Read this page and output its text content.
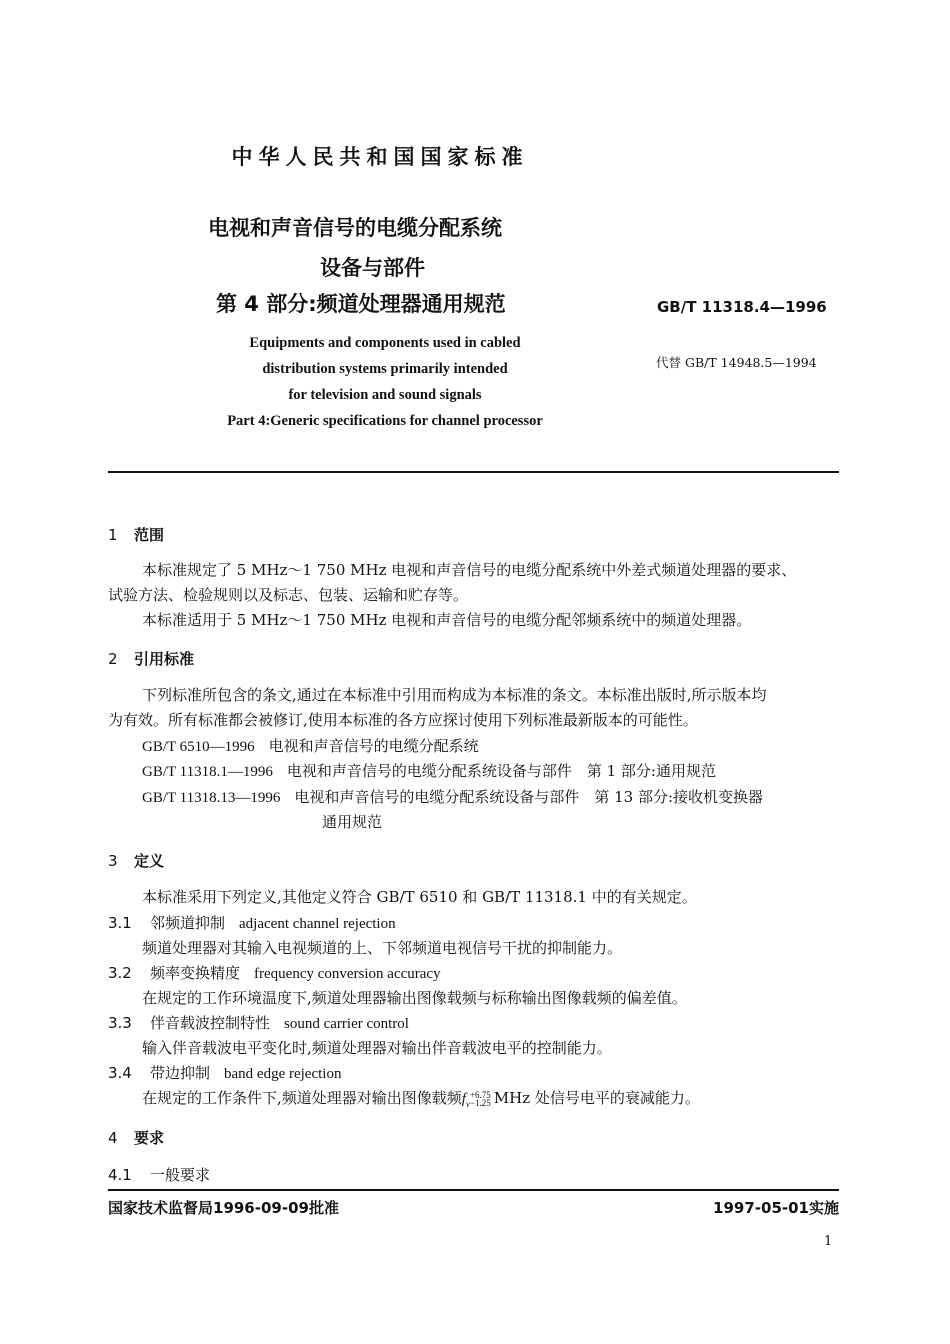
中华人民共和国国家标准
电视和声音信号的电缆分配系统
设备与部件
第 4 部分:频道处理器通用规范	GB/T 11318.4—1996
代替 GB/T 14948.5—1994
Equipments and components used in cabled
distribution systems primarily intended
for television and sound signals
Part 4:Generic specifications for channel processor
1 范围
本标准规定了 5 MHz～1 750 MHz 电视和声音信号的电缆分配系统中外差式频道处理器的要求、
试验方法、检验规则以及标志、包装、运输和贮存等。
本标准适用于 5 MHz～1 750 MHz 电视和声音信号的电缆分配邻频系统中的频道处理器。
2 引用标准
下列标准所包含的条文,通过在本标准中引用而构成为本标准的条文。本标准出版时,所示版本均
为有效。所有标准都会被修订,使用本标准的各方应探讨使用下列标准最新版本的可能性。
GB/T 6510—1996 电视和声音信号的电缆分配系统
GB/T 11318.1—1996 电视和声音信号的电缆分配系统设备与部件　第 1 部分:通用规范
GB/T 11318.13—1996 电视和声音信号的电缆分配系统设备与部件　第 13 部分:接收机变换器
通用规范
3 定义
本标准采用下列定义,其他定义符合 GB/T 6510 和 GB/T 11318.1 中的有关规定。
3.1 邻频道抑制 adjacent channel rejection
频道处理器对其输入电视频道的上、下邻频道电视信号干扰的抑制能力。
3.2 频率变换精度 frequency conversion accuracy
在规定的工作环境温度下,频道处理器输出图像载频与标称输出图像载频的偏差值。
3.3 伴音载波控制特性 sound carrier control
输入伴音载波电平变化时,频道处理器对输出伴音载波电平的控制能力。
3.4 带边抑制 band edge rejection
在规定的工作条件下,频道处理器对输出图像载频$f_v+6.75$
−1.25 MHz 处信号电平的衰减能力。
4 要求
4.1 一般要求
国家技术监督局1996-09-09批准	1997-05-01实施
1
